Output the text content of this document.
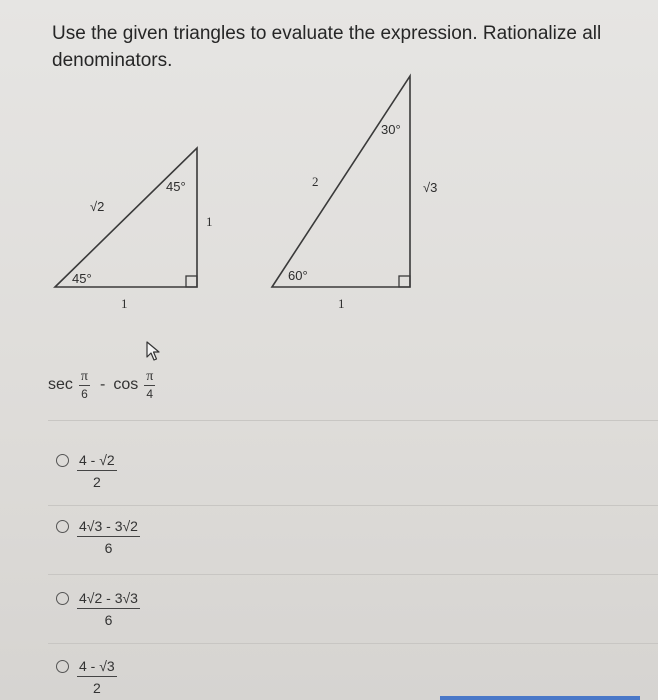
Use the given triangles to evaluate the expression. Rationalize all denominators.
√2
45°
45°
1
1
30°
2	√3
60°
1
$\sec \frac{\pi}{6}$ - $\cos \frac{\pi}{4}$
$\frac{4 - √2}{2}$
$\frac{4√3 - 3√2}{6}$
$\frac{4√2 - 3√3}{6}$
$\frac{4 - √3}{2}$
